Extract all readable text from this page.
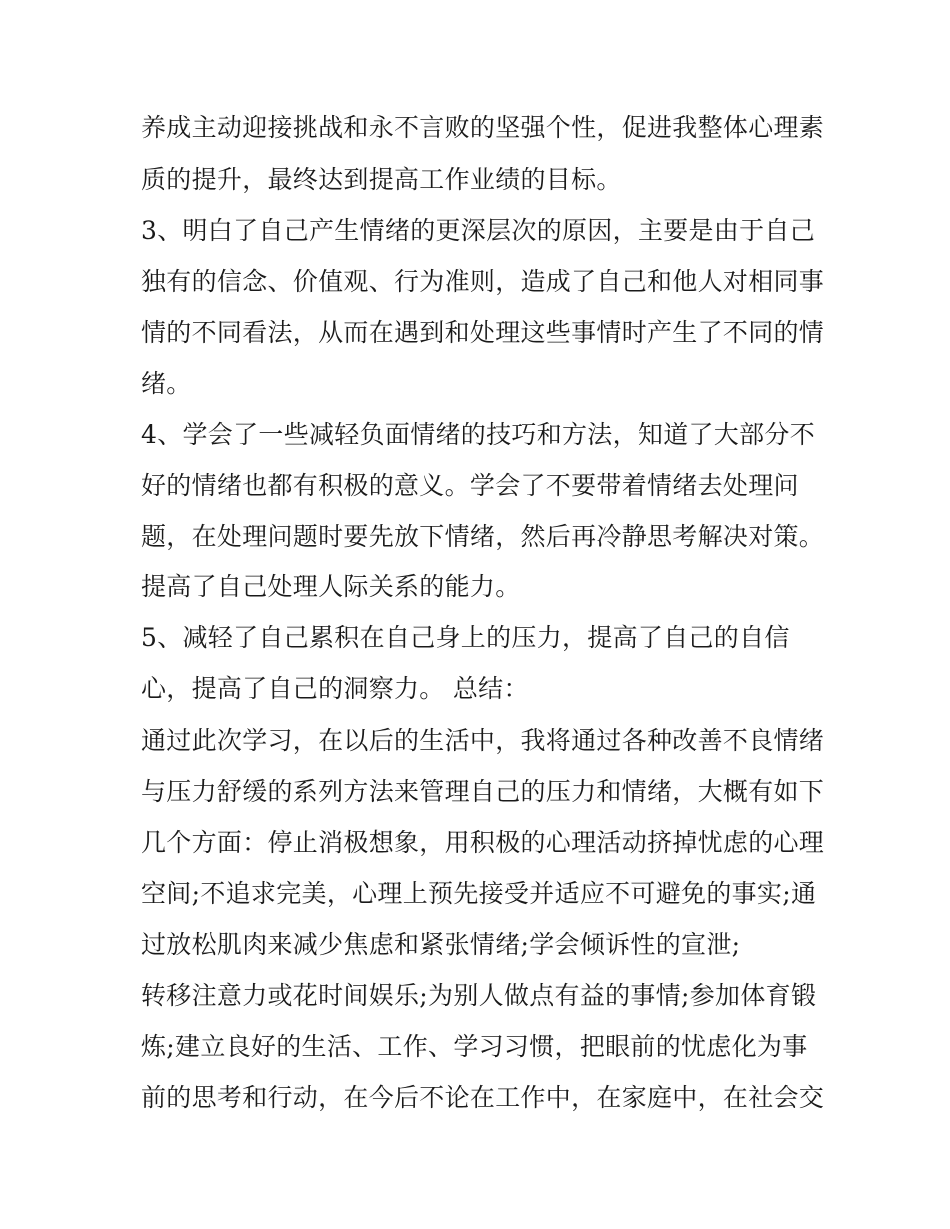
养成主动迎接挑战和永不言败的坚强个性，促进我整体心理素
质的提升，最终达到提高工作业绩的目标。
3、明白了自己产生情绪的更深层次的原因，主要是由于自己
独有的信念、价值观、行为准则，造成了自己和他人对相同事
情的不同看法，从而在遇到和处理这些事情时产生了不同的情
绪。
4、学会了一些减轻负面情绪的技巧和方法，知道了大部分不
好的情绪也都有积极的意义。学会了不要带着情绪去处理问
题，在处理问题时要先放下情绪，然后再冷静思考解决对策。
提高了自己处理人际关系的能力。
5、减轻了自己累积在自己身上的压力，提高了自己的自信
心，提高了自己的洞察力。 总结：
通过此次学习，在以后的生活中，我将通过各种改善不良情绪
与压力舒缓的系列方法来管理自己的压力和情绪，大概有如下
几个方面：停止消极想象，用积极的心理活动挤掉忧虑的心理
空间;不追求完美，心理上预先接受并适应不可避免的事实;通
过放松肌肉来减少焦虑和紧张情绪;学会倾诉性的宣泄;
转移注意力或花时间娱乐;为别人做点有益的事情;参加体育锻
炼;建立良好的生活、工作、学习习惯，把眼前的忧虑化为事
前的思考和行动，在今后不论在工作中，在家庭中，在社会交
